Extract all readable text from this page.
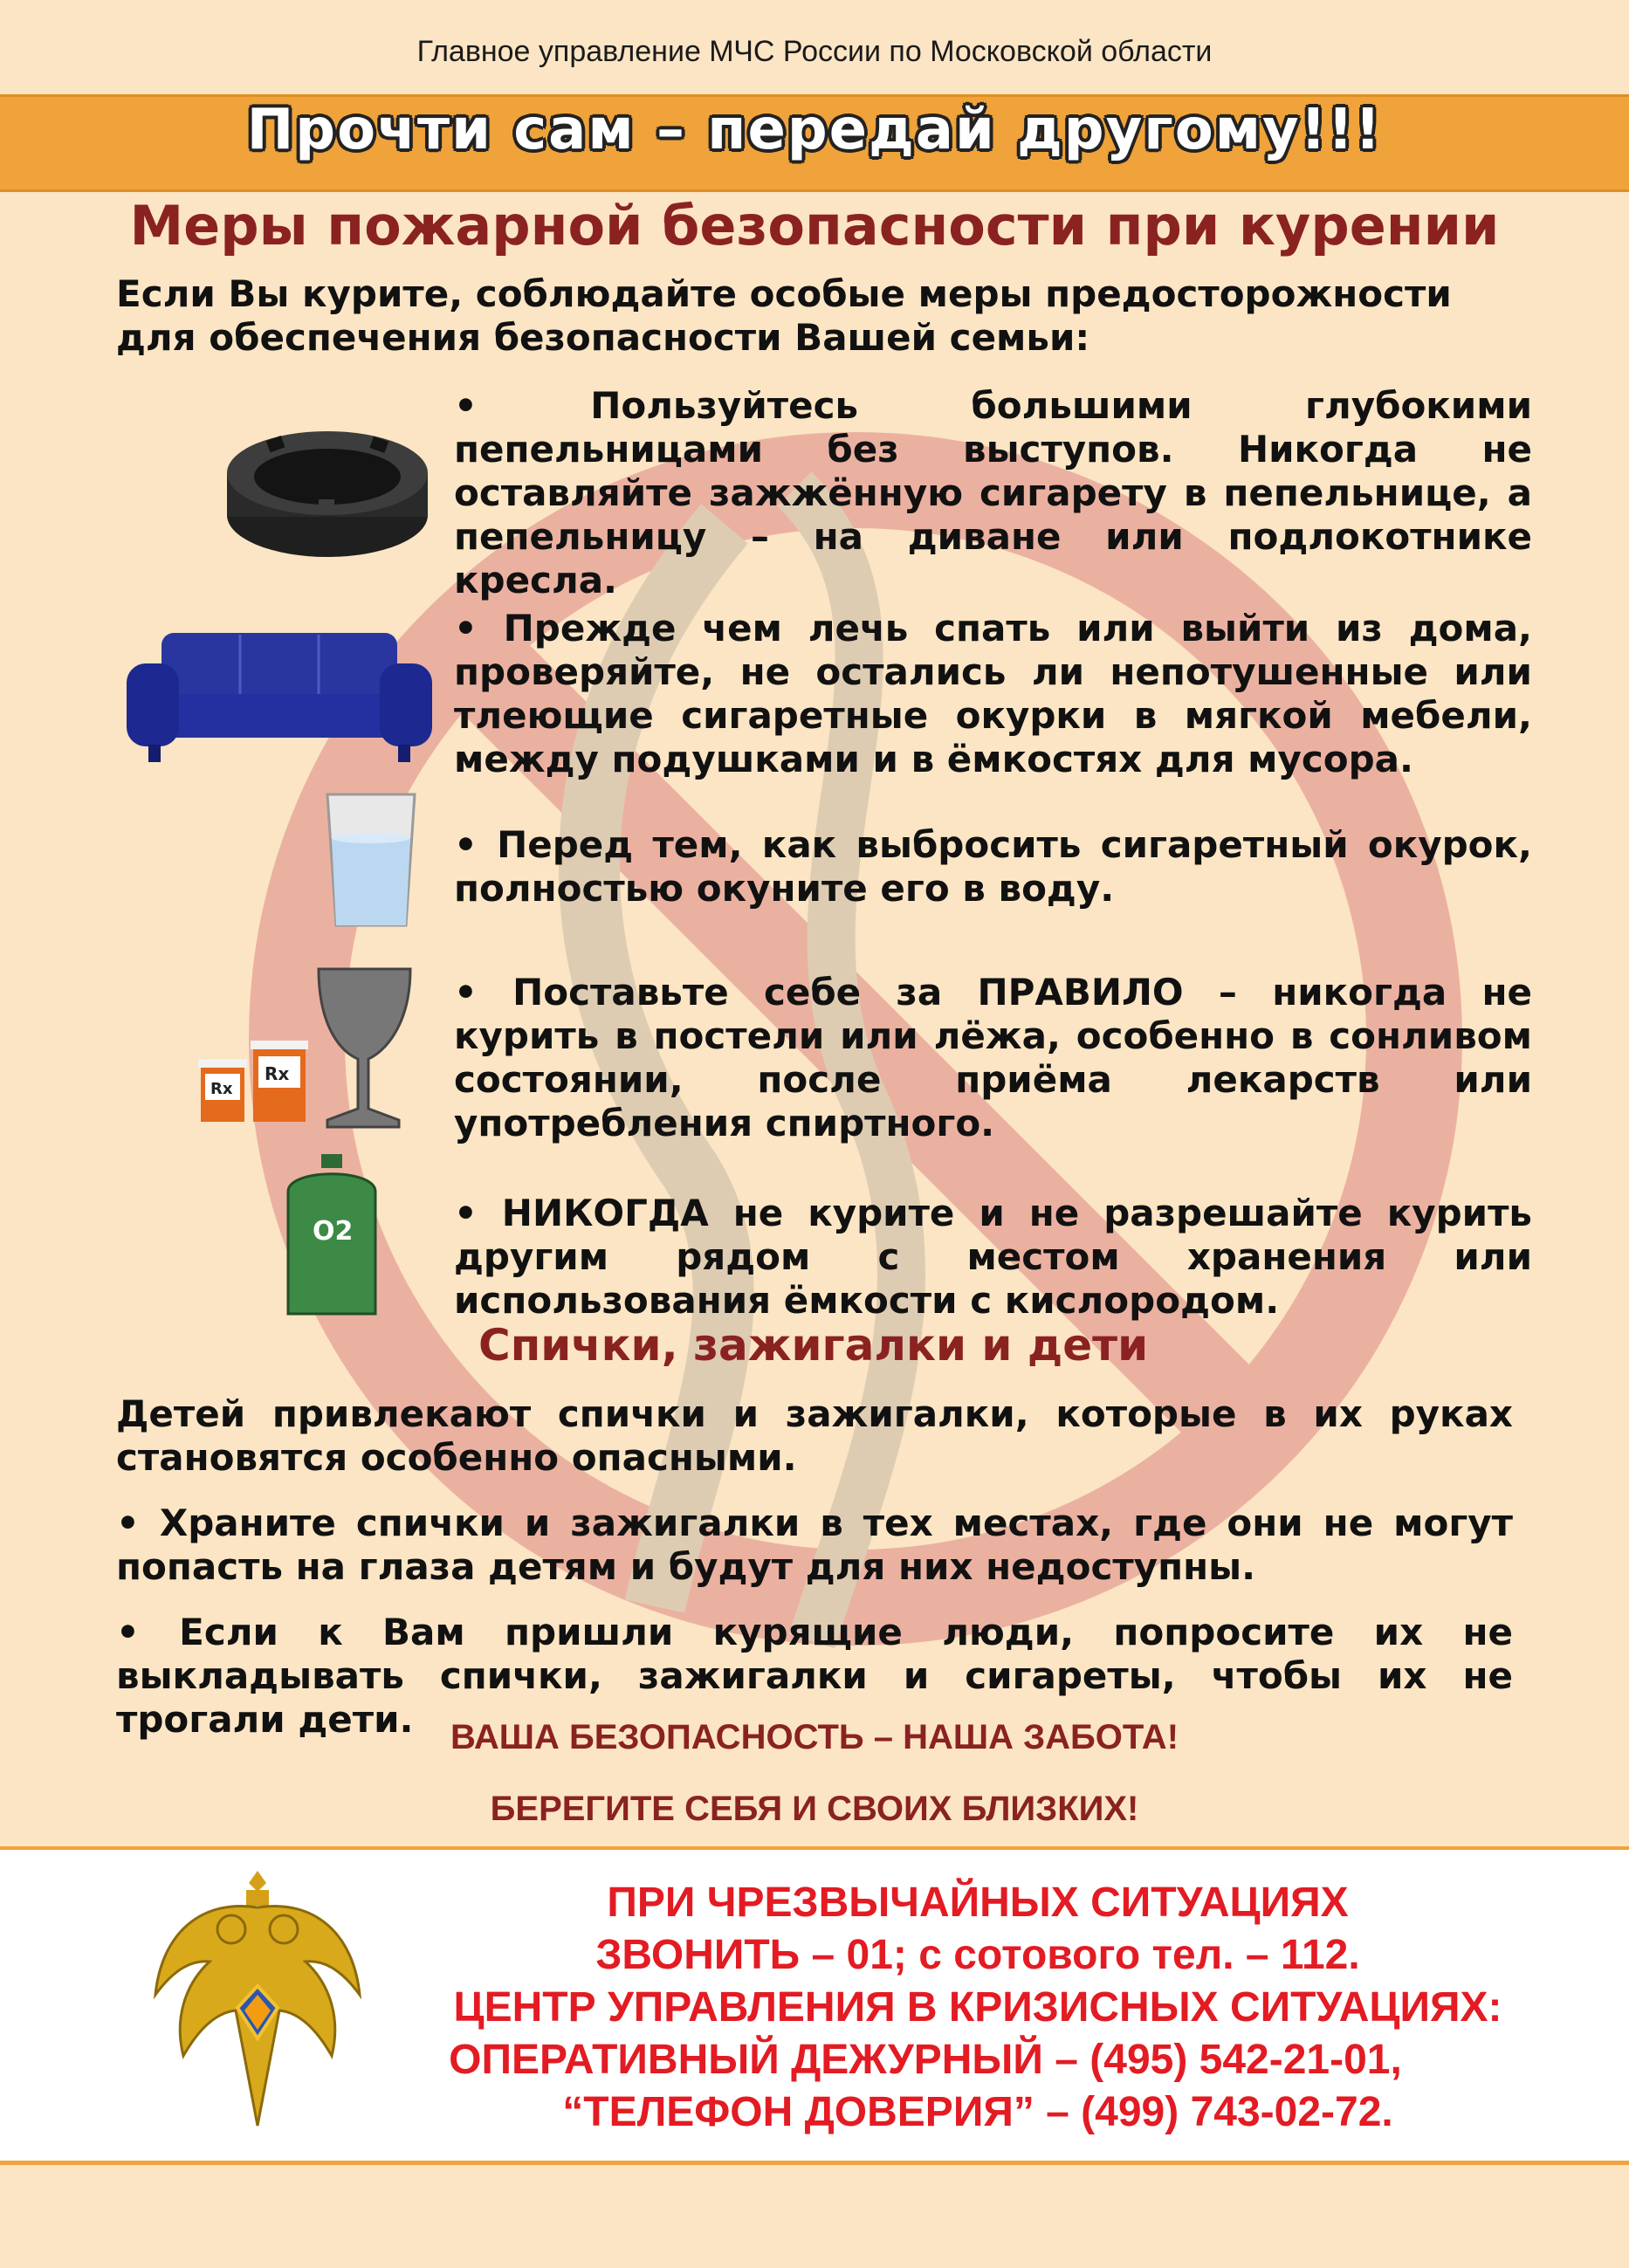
Главное управление МЧС России по Московской области
Прочти сам – передай другому!!!
Меры пожарной безопасности при курении
Если Вы курите, соблюдайте особые меры предосторожности для обеспечения безопасности Вашей семьи:
Rx
Rx
O2
• Пользуйтесь большими глубокими пепельницами без выступов. Никогда не оставляйте зажжённую сигарету в пепельнице, а пепельницу – на диване или подлокотнике кресла.
• Прежде чем лечь спать или выйти из дома, проверяйте, не остались ли непотушенные или тлеющие сигаретные окурки в мягкой мебели, между подушками и в ёмкостях для мусора.
• Перед тем, как выбросить сигаретный окурок, полностью окуните его в воду.
• Поставьте себе за ПРАВИЛО – никогда не курить в постели или лёжа, особенно в сонливом состоянии, после приёма лекарств или употребления спиртного.
• НИКОГДА не курите и не разрешайте курить другим рядом с местом хранения или использования ёмкости с кислородом.
Спички, зажигалки и дети
Детей привлекают спички и зажигалки, которые в их руках становятся особенно опасными.
• Храните спички и зажигалки в тех местах, где они не могут попасть на глаза детям и будут для них недоступны.
• Если к Вам пришли курящие люди, попросите их не выкладывать спички, зажигалки и сигареты, чтобы их не трогали дети.	ВАША БЕЗОПАСНОСТЬ – НАША ЗАБОТА!
БЕРЕГИТЕ СЕБЯ И СВОИХ БЛИЗКИХ!
ПРИ ЧРЕЗВЫЧАЙНЫХ СИТУАЦИЯХ
ЗВОНИТЬ – 01; с сотового тел. – 112.
ЦЕНТР УПРАВЛЕНИЯ В КРИЗИСНЫХ СИТУАЦИЯХ:
ОПЕРАТИВНЫЙ ДЕЖУРНЫЙ – (495) 542-21-01,
“ТЕЛЕФОН ДОВЕРИЯ” – (499) 743-02-72.
